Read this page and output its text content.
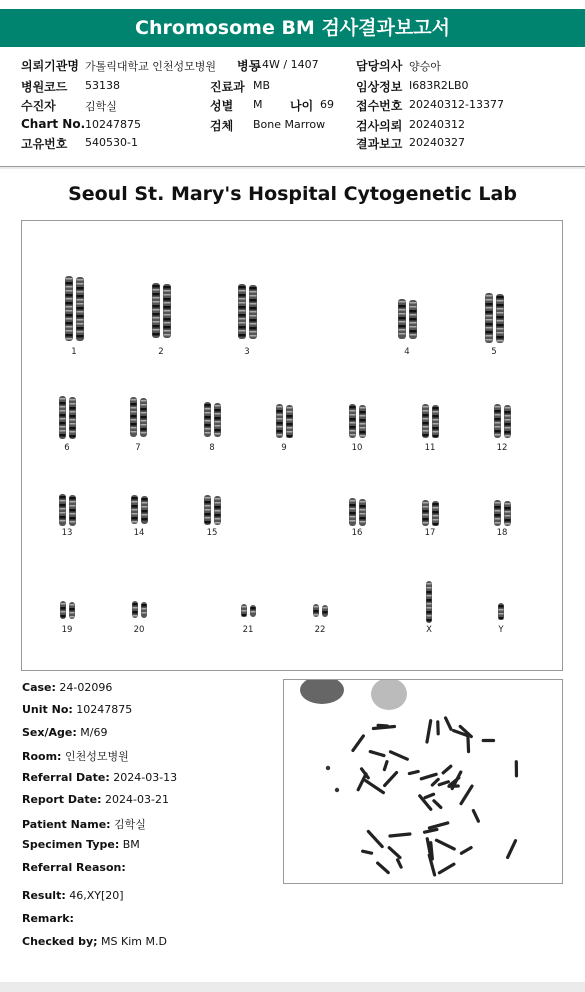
Chromosome BM 검사결과보고서
의뢰기관명 가톨릭대학교 인천성모병원 병동
14W / 1407	담당의사 양승아
병원코드 53138	진료과 MB	임상정보 I683R2LB0
수진자	김학실	성별 M 나이 69 접수번호 20240312-13377
Chart No. 10247875	검체 Bone Marrow	검사의뢰 20240312
고유번호 540530-1	결과보고 20240327
Seoul St. Mary's Hospital Cytogenetic Lab
1	2	3	4	5
6	7	8	9	10	11	12
13	14	15	16	17	18
19	20	21	22	X	Y
Case: 24-02096
Unit No: 10247875
Sex/Age: M/69
Room: 인천성모병원
Referral Date: 2024-03-13
Report Date: 2024-03-21
Patient Name: 김학실
Specimen Type: BM
Referral Reason:
Result: 46,XY[20]
Remark:
Checked by; MS Kim M.D
